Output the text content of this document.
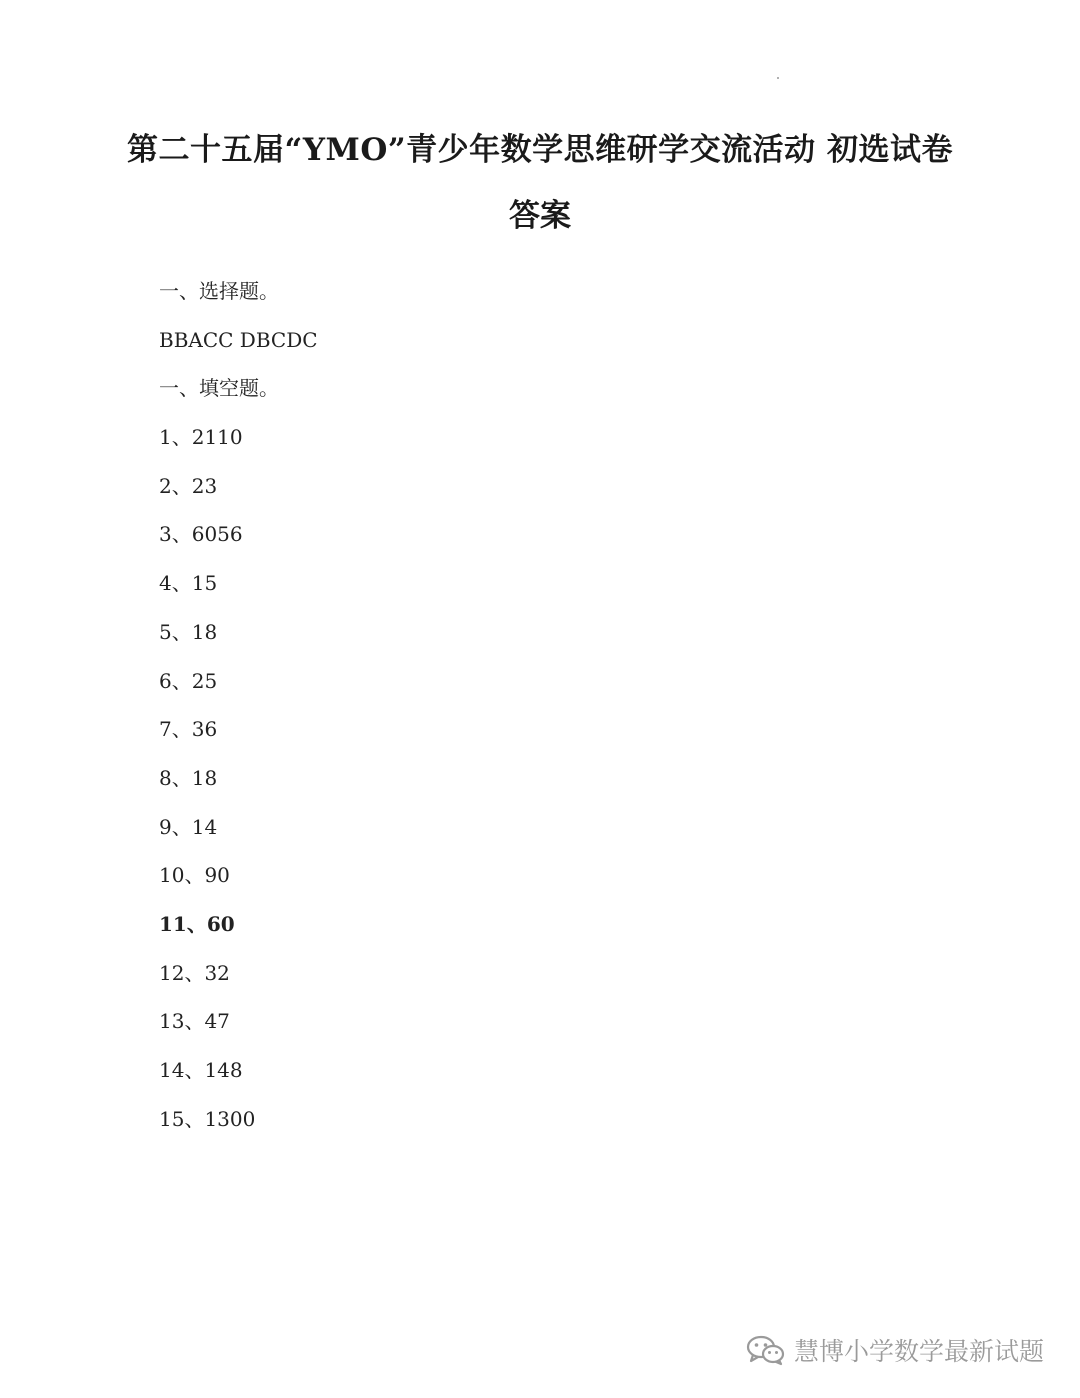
第二十五届“YMO”青少年数学思维研学交流活动 初选试卷
答案
一、选择题。
BBACC DBCDC
一、填空题。
1、2110
2、23
3、6056
4、15
5、18
6、25
7、36
8、18
9、14
10、90
11、60
12、32
13、47
14、148
15、1300
慧博小学数学最新试题
